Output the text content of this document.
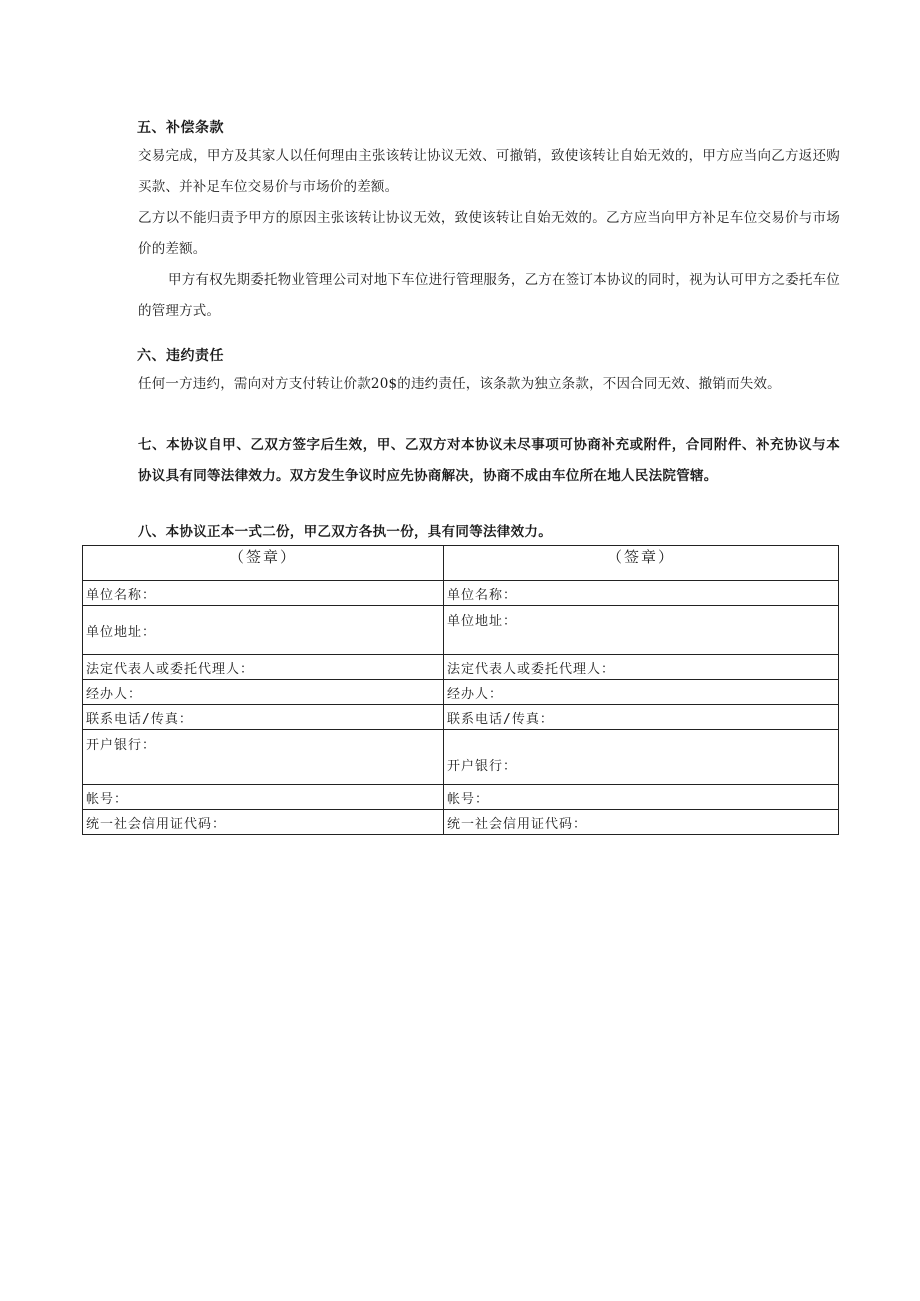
五、补偿条款
交易完成，甲方及其家人以任何理由主张该转让协议无效、可撤销，致使该转让自始无效的，甲方应当向乙方返还购买款、并补足车位交易价与市场价的差额。
乙方以不能归责予甲方的原因主张该转让协议无效，致使该转让自始无效的。乙方应当向甲方补足车位交易价与市场价的差额。
甲方有权先期委托物业管理公司对地下车位进行管理服务，乙方在签订本协议的同时，视为认可甲方之委托车位的管理方式。
六、违约责任
任何一方违约，需向对方支付转让价款20$的违约责任，该条款为独立条款，不因合同无效、撤销而失效。
七、本协议自甲、乙双方签字后生效，甲、乙双方对本协议未尽事项可协商补充或附件，合同附件、补充协议与本协议具有同等法律效力。双方发生争议时应先协商解决，协商不成由车位所在地人民法院管辖。
八、本协议正本一式二份，甲乙双方各执一份，具有同等法律效力。
（签章）	（签章）
单位名称：	单位名称：
单位地址：	单位地址：
法定代表人或委托代理人：	法定代表人或委托代理人：
经办人：	经办人：
联系电话/传真：	联系电话/传真：
开户银行：	开户银行：
帐号：	帐号：
统一社会信用证代码：	统一社会信用证代码：
